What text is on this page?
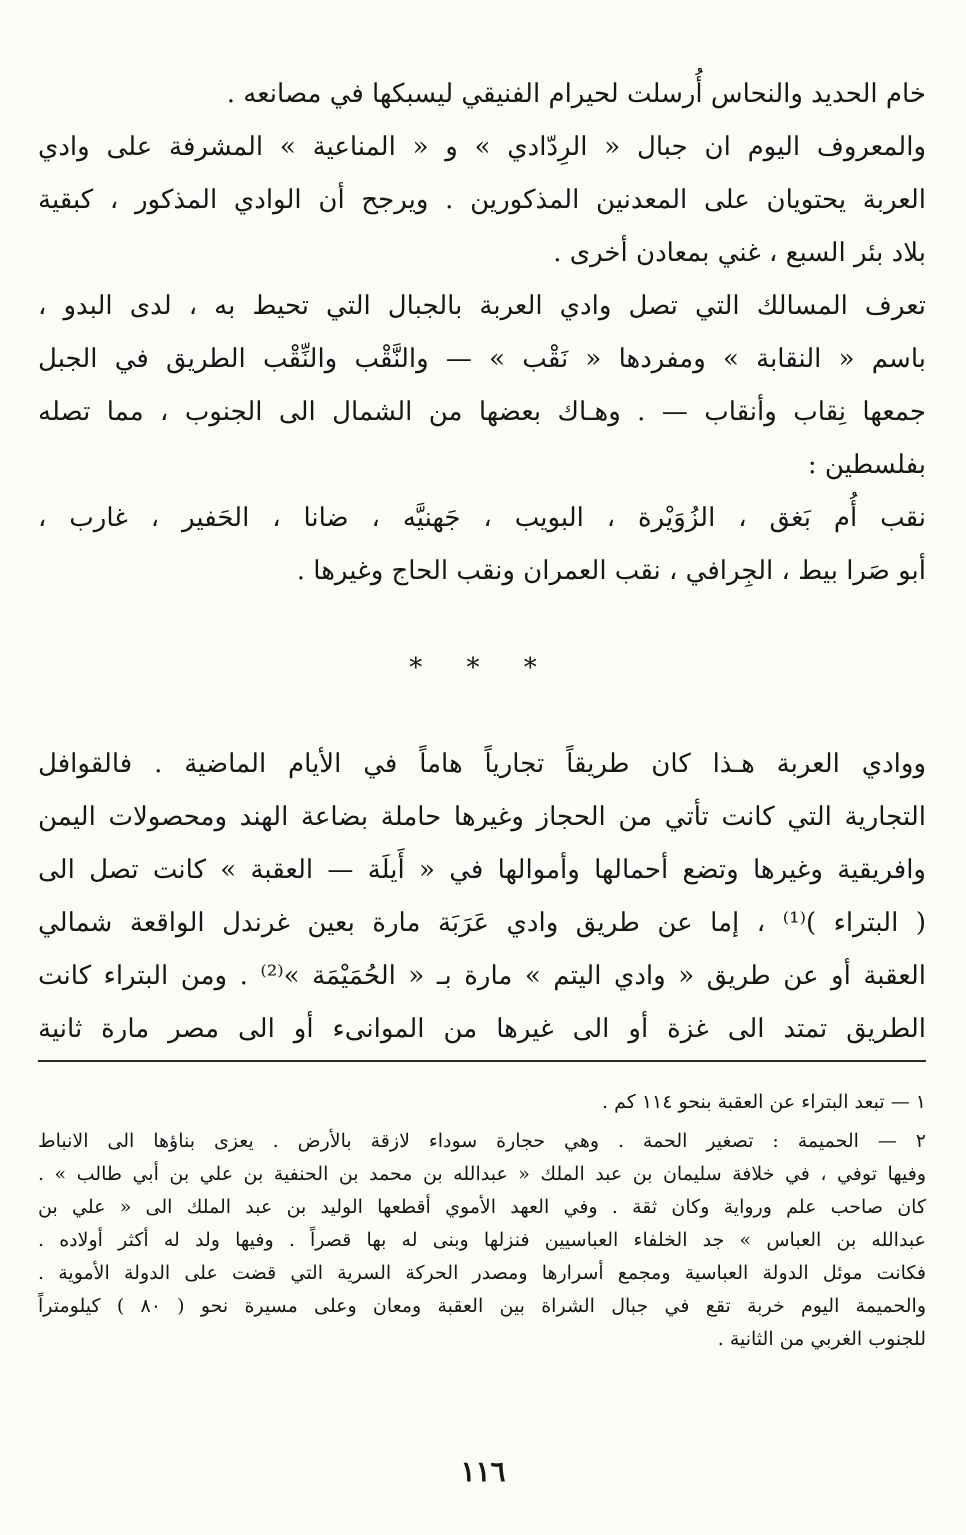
خام الحديد والنحاس أُرسلت لحيرام الفنيقي ليسبكها في مصانعه .
والمعروف اليوم ان جبال « الرِدّادي » و « المناعية » المشرفة على وادي
العربة يحتويان على المعدنين المذكورين . ويرجح أن الوادي المذكور ، كبقية
بلاد بئر السبع ، غني بمعادن أخرى .
تعرف المسالك التي تصل وادي العربة بالجبال التي تحيط به ، لدى البدو ،
باسم « النقابة » ومفردها « نَقْب » — والنَّقْب والنِّقْب الطريق في الجبل
جمعها نِقاب وأنقاب — . وهـاك بعضها من الشمال الى الجنوب ، مما تصله
بفلسطين :
نقب أُم بَغق ، الزُوَيْرة ، البويب ، جَهنيَّه ، ضانا ، الحَفير ، غارب ،
أبو صَرا بيط ، الجِرافي ، نقب العمران ونقب الحاج وغيرها .
* * *
ووادي العربة هـذا كان طريقاً تجارياً هاماً في الأيام الماضية . فالقوافل
التجارية التي كانت تأتي من الحجاز وغيرها حاملة بضاعة الهند ومحصولات اليمن
وافريقية وغيرها وتضع أحمالها وأموالها في « أَيلَة — العقبة » كانت تصل الى
( البتراء )⁽¹⁾ ، إما عن طريق وادي عَرَبَة مارة بعين غرندل الواقعة شمالي
العقبة أو عن طريق « وادي اليتم » مارة بـ « الحُمَيْمَة »⁽²⁾ . ومن البتراء كانت
الطريق تمتد الى غزة أو الى غيرها من الموانىء أو الى مصر مارة ثانية
١ — تبعد البتراء عن العقبة بنحو ١١٤ كم .
٢ — الحميمة : تصغير الحمة . وهي حجارة سوداء لازقة بالأرض . يعزى بناؤها الى الانباط
وفيها توفي ، في خلافة سليمان بن عبد الملك « عبدالله بن محمد بن الحنفية بن علي بن أبي طالب » .
كان صاحب علم ورواية وكان ثقة . وفي العهد الأموي أقطعها الوليد بن عبد الملك الى « علي بن
عبدالله بن العباس » جد الخلفاء العباسيين فنزلها وبنى له بها قصراً . وفيها ولد له أكثر أولاده .
فكانت موئل الدولة العباسية ومجمع أسرارها ومصدر الحركة السرية التي قضت على الدولة الأموية .
والحميمة اليوم خربة تقع في جبال الشراة بين العقبة ومعان وعلى مسيرة نحو ( ٨٠ ) كيلومتراً
للجنوب الغربي من الثانية .
١١٦
